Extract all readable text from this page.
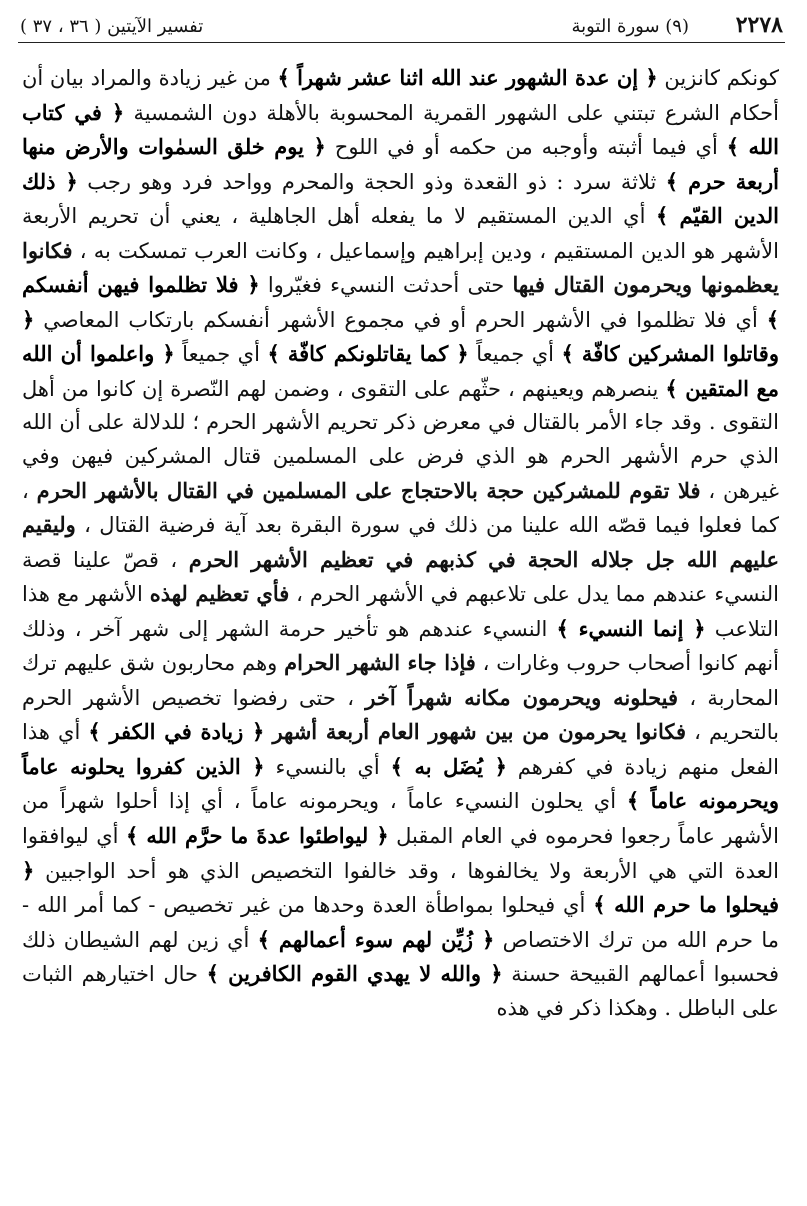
٢٢٧٨
(٩) سورة التوبة
تفسير الآيتين ( ٣٦ ، ٣٧ )

كونكم كانزين ﴿ إن عدة الشهور عند الله اثنا عشر شهراً ﴾ من غير زيادة والمراد بيان أن أحكام الشرع تبتني على الشهور القمرية المحسوبة بالأهلة دون الشمسية ﴿ في كتاب الله ﴾ أي فيما أثبته وأوجبه من حكمه أو في اللوح ﴿ يوم خلق السمٰوات والأرض منها أربعة حرم ﴾ ثلاثة سرد : ذو القعدة وذو الحجة والمحرم وواحد فرد وهو رجب ﴿ ذلك الدين القيّم ﴾ أي الدين المستقيم لا ما يفعله أهل الجاهلية ، يعني أن تحريم الأربعة الأشهر هو الدين المستقيم ، ودين إبراهيم وإسماعيل ، وكانت العرب تمسكت به ، فكانوا يعظمونها ويحرمون القتال فيها حتى أحدثت النسيء فغيّروا ﴿ فلا تظلموا فيهن أنفسكم ﴾ أي فلا تظلموا في الأشهر الحرم أو في مجموع الأشهر أنفسكم بارتكاب المعاصي ﴿ وقاتلوا المشركين كافّة ﴾ أي جميعاً ﴿ كما يقاتلونكم كافّة ﴾ أي جميعاً ﴿ واعلموا أن الله مع المتقين ﴾ ينصرهم ويعينهم ، حثّهم على التقوى ، وضمن لهم النّصرة إن كانوا من أهل التقوى . وقد جاء الأمر بالقتال في معرض ذكر تحريم الأشهر الحرم ؛ للدلالة على أن الله الذي حرم الأشهر الحرم هو الذي فرض على المسلمين قتال المشركين فيهن وفي غيرهن ، فلا تقوم للمشركين حجة بالاحتجاج على المسلمين في القتال بالأشهر الحرم ، كما فعلوا فيما قصّه الله علينا من ذلك في سورة البقرة بعد آية فرضية القتال ، وليقيم عليهم الله جل جلاله الحجة في كذبهم في تعظيم الأشهر الحرم ، قصّ علينا قصة النسيء عندهم مما يدل على تلاعبهم في الأشهر الحرم ، فأي تعظيم لهذه الأشهر مع هذا التلاعب ﴿ إنما النسيء ﴾ النسيء عندهم هو تأخير حرمة الشهر إلى شهر آخر ، وذلك أنهم كانوا أصحاب حروب وغارات ، فإذا جاء الشهر الحرام وهم محاربون شق عليهم ترك المحاربة ، فيحلونه ويحرمون مكانه شهراً آخر ، حتى رفضوا تخصيص الأشهر الحرم بالتحريم ، فكانوا يحرمون من بين شهور العام أربعة أشهر ﴿ زيادة في الكفر ﴾ أي هذا الفعل منهم زيادة في كفرهم ﴿ يُضَل به ﴾ أي بالنسيء ﴿ الذين كفروا يحلونه عاماً ويحرمونه عاماً ﴾ أي يحلون النسيء عاماً ، ويحرمونه عاماً ، أي إذا أحلوا شهراً من الأشهر عاماً رجعوا فحرموه في العام المقبل ﴿ ليواطئوا عدةَ ما حرَّم الله ﴾ أي ليوافقوا العدة التي هي الأربعة ولا يخالفوها ، وقد خالفوا التخصيص الذي هو أحد الواجبين ﴿ فيحلوا ما حرم الله ﴾ أي فيحلوا بمواطأة العدة وحدها من غير تخصيص - كما أمر الله - ما حرم الله من ترك الاختصاص ﴿ زُيِّن لهم سوء أعمالهم ﴾ أي زين لهم الشيطان ذلك فحسبوا أعمالهم القبيحة حسنة ﴿ والله لا يهدي القوم الكافرين ﴾ حال اختيارهم الثبات على الباطل . وهكذا ذكر في هذه
